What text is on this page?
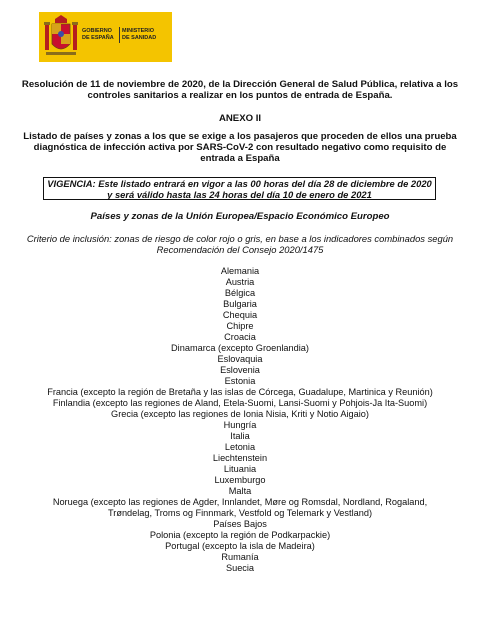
GOBIERNO
DE ESPAÑA
MINISTERIO
DE SANIDAD
Resolución de 11 de noviembre de 2020, de la Dirección General de Salud Pública, relativa a los controles sanitarios a realizar en los puntos de entrada de España.
ANEXO II
Listado de países y zonas a los que se exige a los pasajeros que proceden de ellos una prueba diagnóstica de infección activa por SARS-CoV-2 con resultado negativo como requisito de entrada a España
VIGENCIA: Este listado entrará en vigor a las 00 horas del día 28 de diciembre de 2020 y será válido hasta las 24 horas del día 10 de enero de 2021
Países y zonas de la Unión Europea/Espacio Económico Europeo
Criterio de inclusión: zonas de riesgo de color rojo o gris, en base a los indicadores combinados según Recomendación del Consejo 2020/1475
Alemania
Austria
Bélgica
Bulgaria
Chequia
Chipre
Croacia
Dinamarca (excepto Groenlandia)
Eslovaquia
Eslovenia
Estonia
Francia (excepto la región de Bretaña y las islas de Córcega, Guadalupe, Martinica y Reunión)
Finlandia (excepto las regiones de Aland, Etela-Suomi, Lansi-Suomi y Pohjois-Ja Ita-Suomi)
Grecia (excepto las regiones de Ionia Nisia, Kriti y Notio Aigaio)
Hungría
Italia
Letonia
Liechtenstein
Lituania
Luxemburgo
Malta
Noruega (excepto las regiones de Agder, Innlandet, Møre og Romsdal, Nordland, Rogaland, Trøndelag, Troms og Finnmark, Vestfold og Telemark y Vestland)
Países Bajos
Polonia (excepto la región de Podkarpackie)
Portugal (excepto la isla de Madeira)
Rumanía
Suecia
